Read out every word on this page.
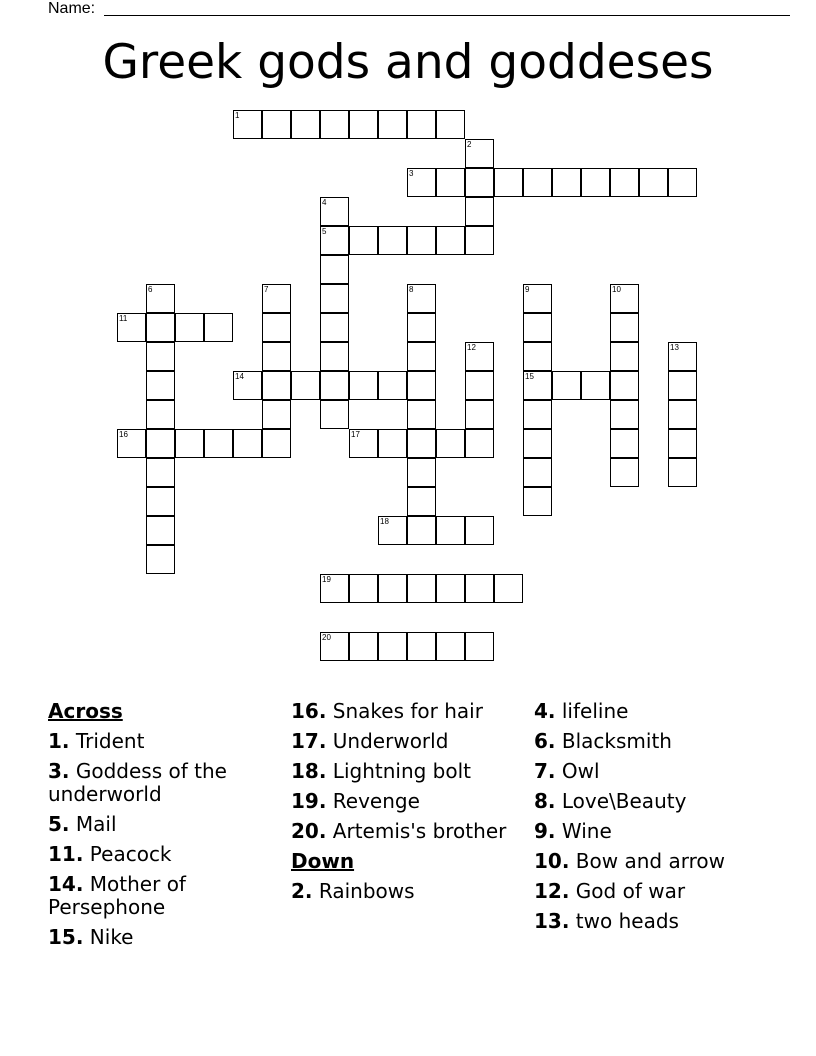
Name:
Greek gods and goddeses
1
2
3
4
5
6	7	8	9
15
10
11
12	13
14
16	17
18
19
20
Across
1. Trident
3. Goddess of the underworld
5. Mail
11. Peacock
14. Mother of Persephone
15. Nike
16. Snakes for hair
17. Underworld
18. Lightning bolt
19. Revenge
20. Artemis's brother
Down
2. Rainbows
4. lifeline
6. Blacksmith
7. Owl
8. Love\Beauty
9. Wine
10. Bow and arrow
12. God of war
13. two heads
